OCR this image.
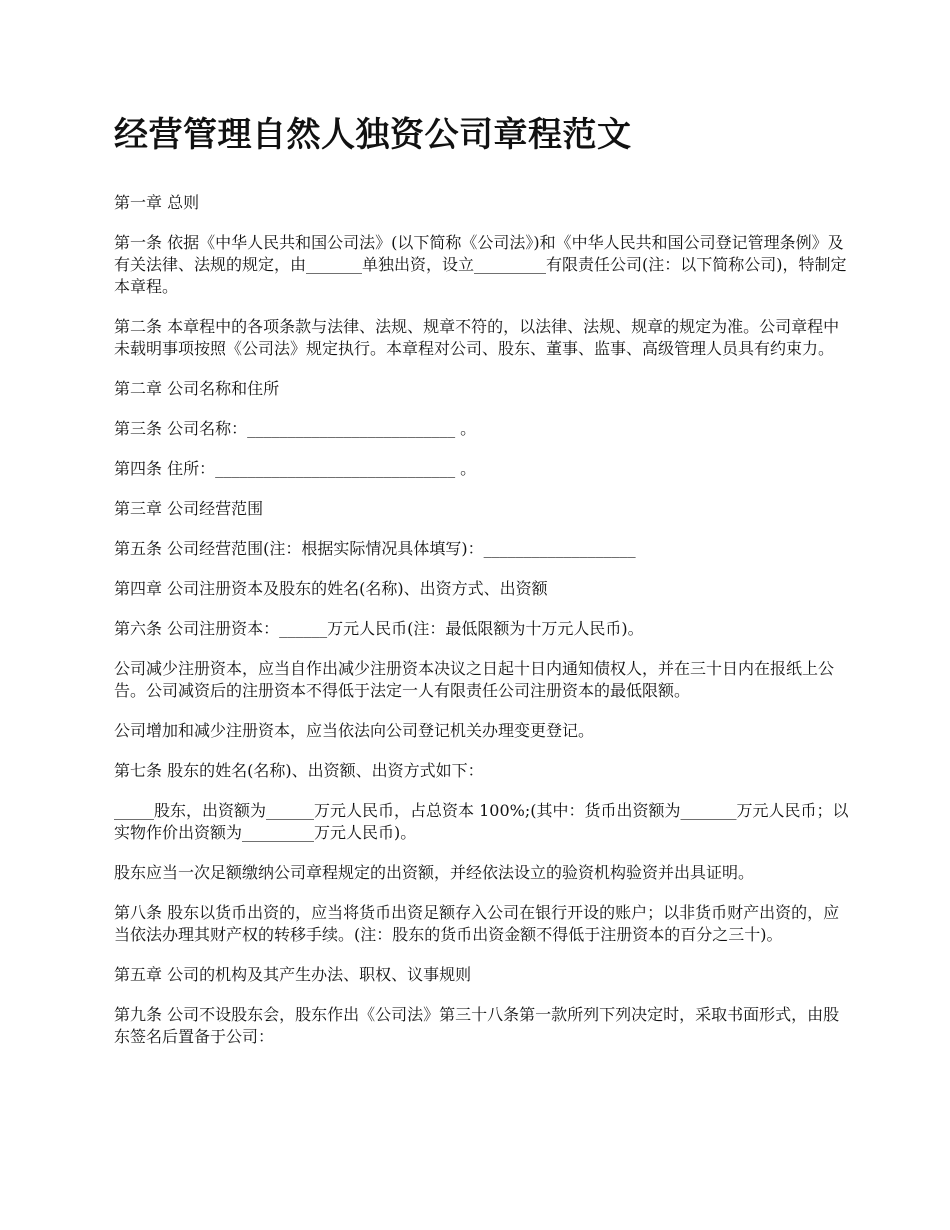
经营管理自然人独资公司章程范文

第一章 总则

第一条 依据《中华人民共和国公司法》(以下简称《公司法》)和《中华人民共和国公司登记管理条例》及有关法律、法规的规定，由_______单独出资，设立_________有限责任公司(注：以下简称公司)，特制定本章程。

第二条 本章程中的各项条款与法律、法规、规章不符的，以法律、法规、规章的规定为准。公司章程中未载明事项按照《公司法》规定执行。本章程对公司、股东、董事、监事、高级管理人员具有约束力。

第二章 公司名称和住所

第三条 公司名称：__________________________ 。

第四条 住所：______________________________ 。

第三章 公司经营范围

第五条 公司经营范围(注：根据实际情况具体填写)：___________________

第四章 公司注册资本及股东的姓名(名称)、出资方式、出资额

第六条 公司注册资本：______万元人民币(注：最低限额为十万元人民币)。

公司减少注册资本，应当自作出减少注册资本决议之日起十日内通知债权人，并在三十日内在报纸上公告。公司减资后的注册资本不得低于法定一人有限责任公司注册资本的最低限额。

公司增加和减少注册资本，应当依法向公司登记机关办理变更登记。

第七条 股东的姓名(名称)、出资额、出资方式如下：

_____股东，出资额为______万元人民币，占总资本 100%;(其中：货币出资额为_______万元人民币；以实物作价出资额为_________万元人民币)。

股东应当一次足额缴纳公司章程规定的出资额，并经依法设立的验资机构验资并出具证明。

第八条 股东以货币出资的，应当将货币出资足额存入公司在银行开设的账户；以非货币财产出资的，应当依法办理其财产权的转移手续。(注：股东的货币出资金额不得低于注册资本的百分之三十)。

第五章 公司的机构及其产生办法、职权、议事规则

第九条 公司不设股东会，股东作出《公司法》第三十八条第一款所列下列决定时，采取书面形式，由股东签名后置备于公司：
